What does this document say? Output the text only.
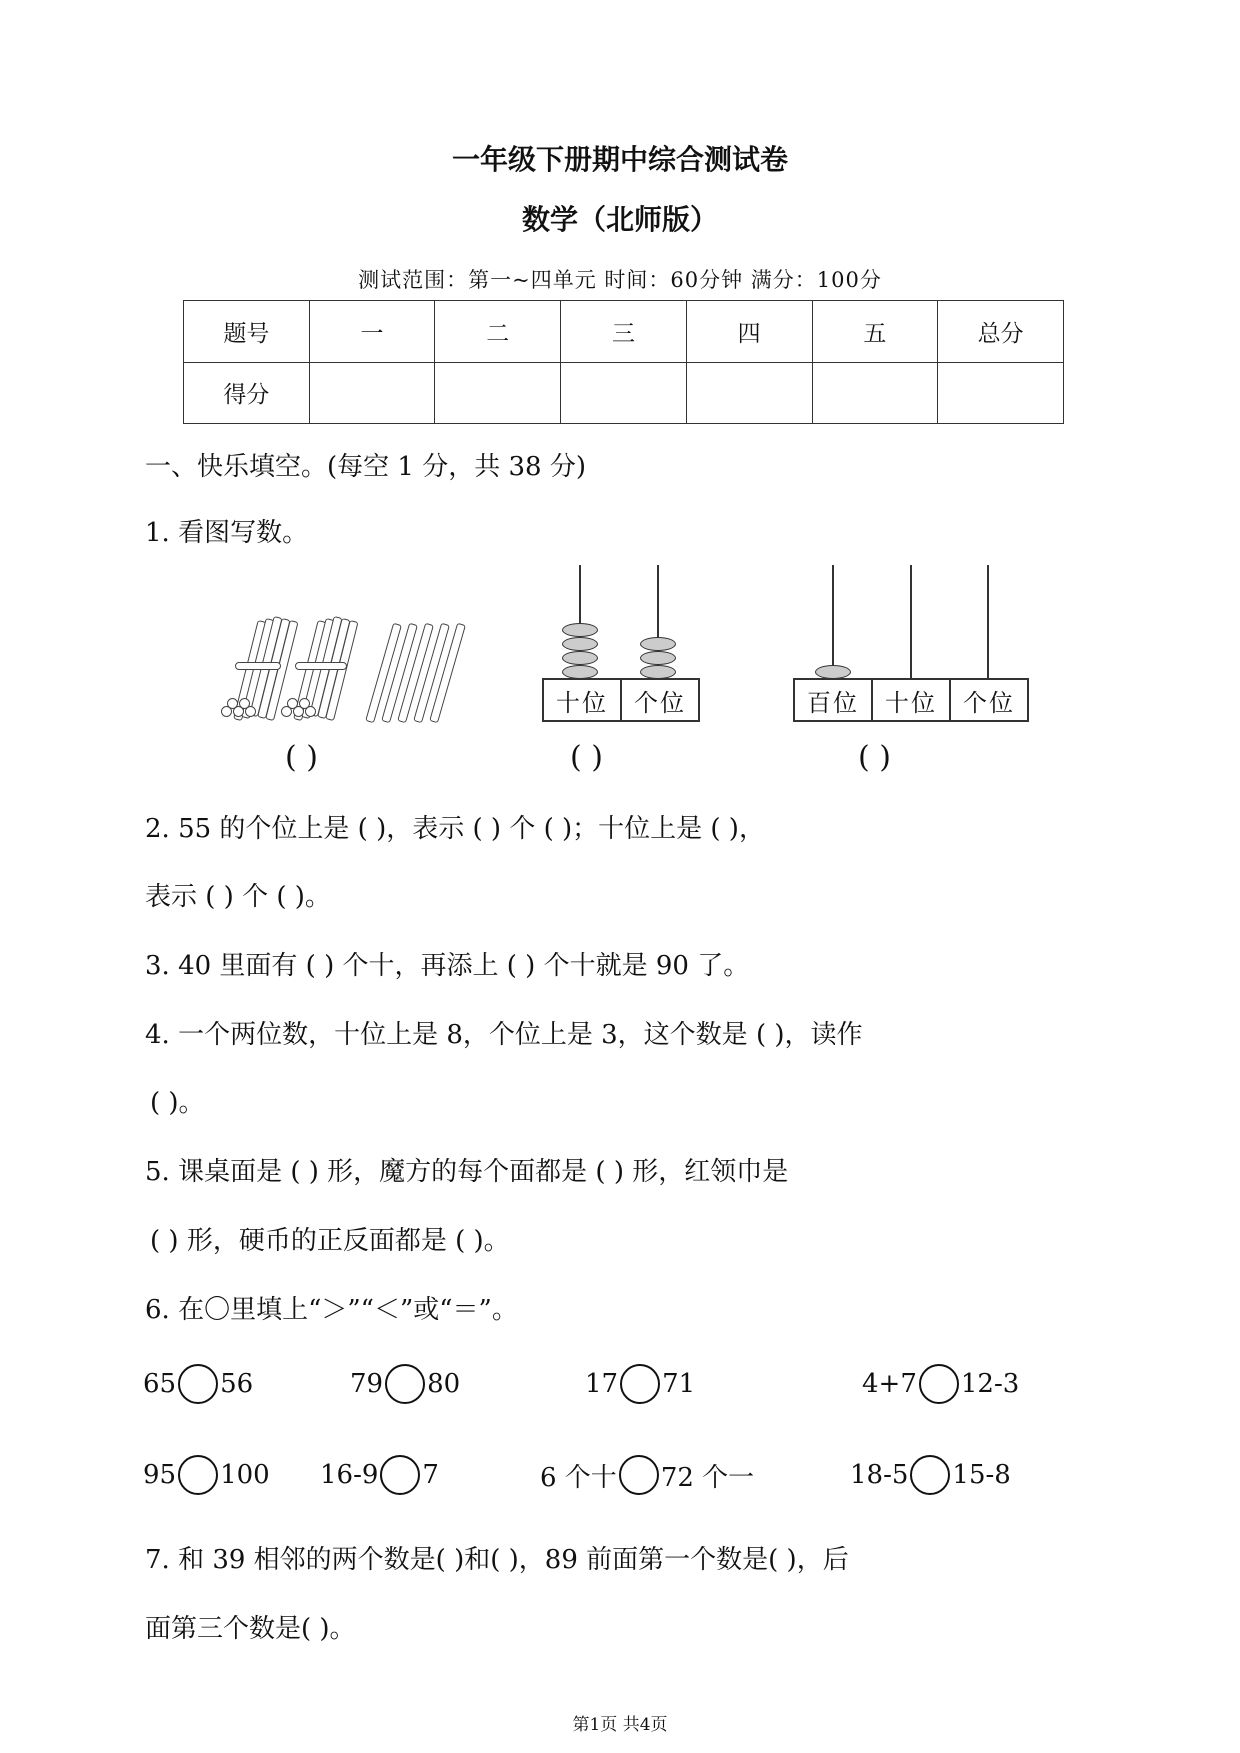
一年级下册期中综合测试卷
数学（北师版）
测试范围：第一~四单元 时间：60分钟 满分：100分
题号	一	二	三	四	五	总分
得分						
一、快乐填空。(每空 1 分，共 38 分)
1. 看图写数。
十位	个位	百位	十位	个位
( )	( )	( )
2. 55 的个位上是 ( )，表示 ( ) 个 ( )；十位上是 ( )，
表示 ( ) 个 ( )。
3. 40 里面有 ( ) 个十，再添上 ( ) 个十就是 90 了。
4. 一个两位数，十位上是 8，个位上是 3，这个数是 ( )，读作
( )。
5. 课桌面是 ( ) 形，魔方的每个面都是 ( ) 形，红领巾是
( ) 形，硬币的正反面都是 ( )。
6. 在〇里填上“＞”“＜”或“＝”。
65 56	79 80	17 71	4+7 12-3
95 100 16-9 7	6 个十 72 个一	18-5 15-8
7. 和 39 相邻的两个数是( )和( )，89 前面第一个数是( )，后
面第三个数是( )。
第1页 共4页
